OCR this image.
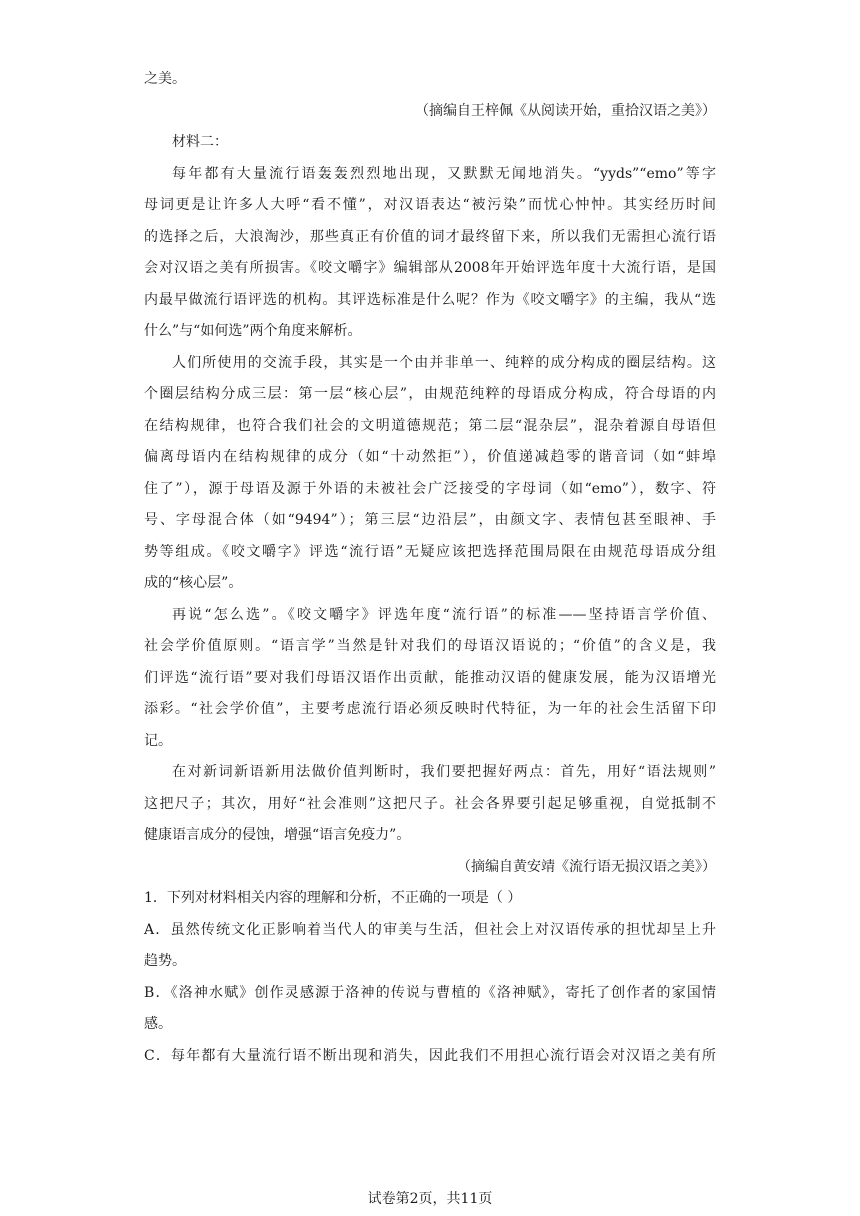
之美。
（摘编自王梓佩《从阅读开始，重拾汉语之美》）
材料二：
每年都有大量流行语轰轰烈烈地出现，又默默无闻地消失。“yyds”“emo”等字
母词更是让许多人大呼“看不懂”，对汉语表达“被污染”而忧心忡忡。其实经历时间
的选择之后，大浪淘沙，那些真正有价值的词才最终留下来，所以我们无需担心流行语
会对汉语之美有所损害。《咬文嚼字》编辑部从2008年开始评选年度十大流行语，是国
内最早做流行语评选的机构。其评选标准是什么呢？作为《咬文嚼字》的主编，我从“选
什么”与“如何选”两个角度来解析。
人们所使用的交流手段，其实是一个由并非单一、纯粹的成分构成的圈层结构。这
个圈层结构分成三层：第一层“核心层”，由规范纯粹的母语成分构成，符合母语的内
在结构规律，也符合我们社会的文明道德规范；第二层“混杂层”，混杂着源自母语但
偏离母语内在结构规律的成分（如“十动然拒”），价值递减趋零的谐音词（如“蚌埠
住了”），源于母语及源于外语的未被社会广泛接受的字母词（如“emo”），数字、符
号、字母混合体（如“9494”）；第三层“边沿层”，由颜文字、表情包甚至眼神、手
势等组成。《咬文嚼字》评选“流行语”无疑应该把选择范围局限在由规范母语成分组
成的“核心层”。
再说“怎么选”。《咬文嚼字》评选年度“流行语”的标准——坚持语言学价值、
社会学价值原则。“语言学”当然是针对我们的母语汉语说的；“价值”的含义是，我
们评选“流行语”要对我们母语汉语作出贡献，能推动汉语的健康发展，能为汉语增光
添彩。“社会学价值”，主要考虑流行语必须反映时代特征，为一年的社会生活留下印
记。
在对新词新语新用法做价值判断时，我们要把握好两点：首先，用好“语法规则”
这把尺子；其次，用好“社会准则”这把尺子。社会各界要引起足够重视，自觉抵制不
健康语言成分的侵蚀，增强“语言免疫力”。
（摘编自黄安靖《流行语无损汉语之美》）
1．下列对材料相关内容的理解和分析，不正确的一项是（ ）
A．虽然传统文化正影响着当代人的审美与生活，但社会上对汉语传承的担忧却呈上升
趋势。
B．《洛神水赋》创作灵感源于洛神的传说与曹植的《洛神赋》，寄托了创作者的家国情
感。
C．每年都有大量流行语不断出现和消失，因此我们不用担心流行语会对汉语之美有所
试卷第2页，共11页
